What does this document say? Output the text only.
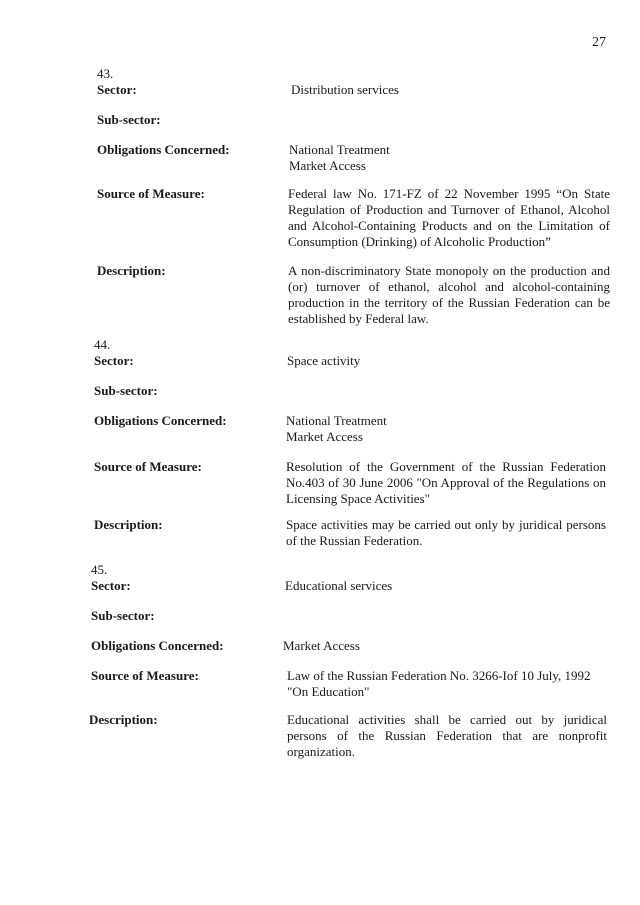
27
43.
Sector:	Distribution services
Sub-sector:
Obligations Concerned:	National Treatment
Market Access
Source of Measure:	Federal law No. 171-FZ of 22 November 1995 “On State Regulation of Production and Turnover of Ethanol, Alcohol and Alcohol-Containing Products and on the Limitation of Consumption (Drinking) of Alcoholic Production”
Description:	A non-discriminatory State monopoly on the production and (or) turnover of ethanol, alcohol and alcohol-containing production in the territory of the Russian Federation can be established by Federal law.
44.
Sector:	Space activity
Sub-sector:
Obligations Concerned:	National Treatment
Market Access
Source of Measure:	Resolution of the Government of the Russian Federation No.403 of 30 June 2006 "On Approval of the Regulations on Licensing Space Activities"
Description:	Space activities may be carried out only by juridical persons of the Russian Federation.
45.
Sector:	Educational services
Sub-sector:
Obligations Concerned:	Market Access
Source of Measure:	Law of the Russian Federation No. 3266-Iof 10 July, 1992
"On Education"
Description:	Educational activities shall be carried out by juridical persons of the Russian Federation that are nonprofit organization.
